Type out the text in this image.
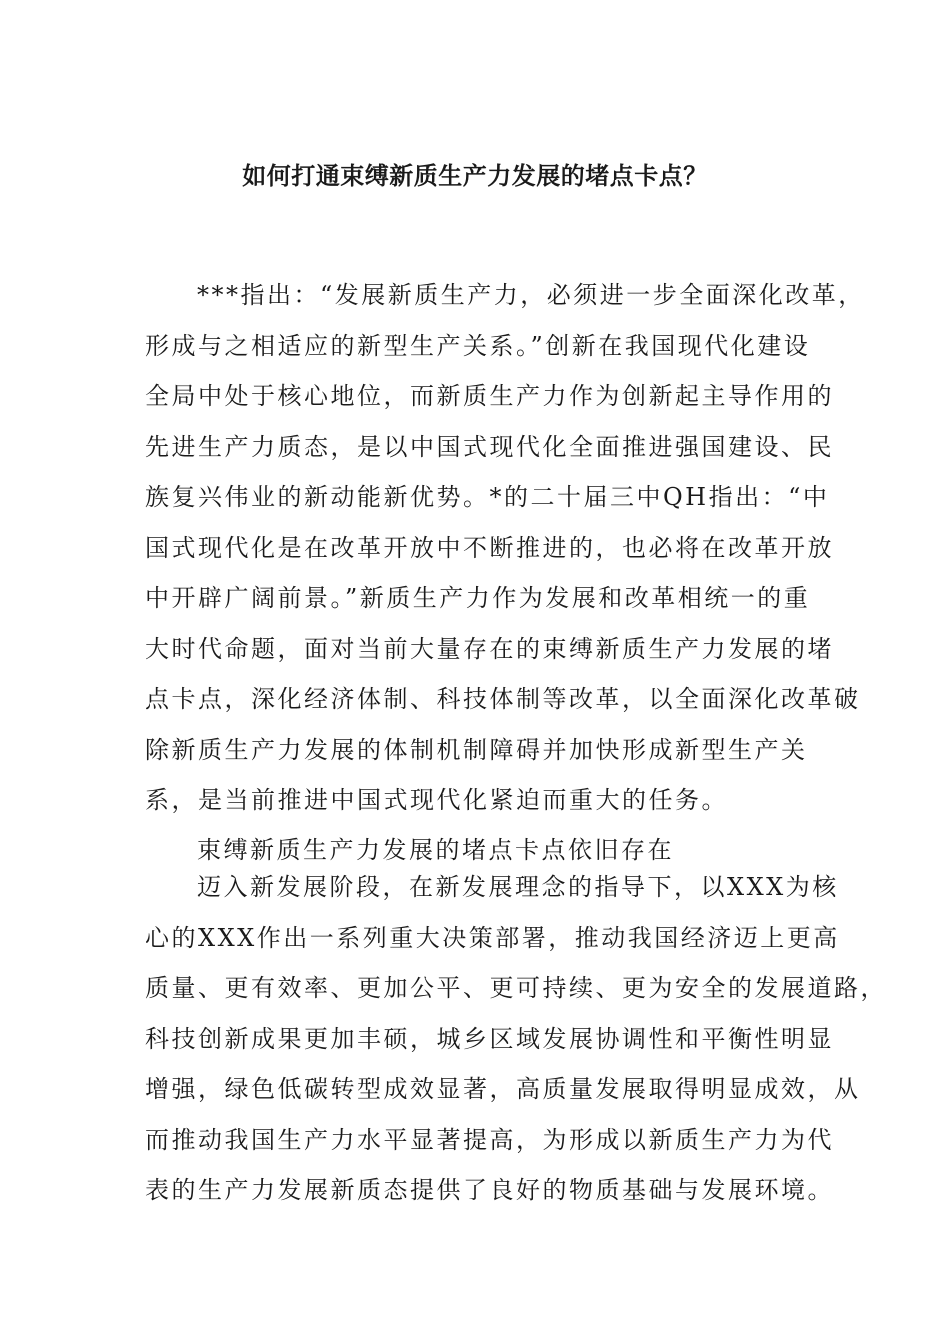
如何打通束缚新质生产力发展的堵点卡点？
***指出：“发展新质生产力，必须进一步全面深化改革，
形成与之相适应的新型生产关系。”创新在我国现代化建设
全局中处于核心地位，而新质生产力作为创新起主导作用的
先进生产力质态，是以中国式现代化全面推进强国建设、民
族复兴伟业的新动能新优势。*的二十届三中QH指出：“中
国式现代化是在改革开放中不断推进的，也必将在改革开放
中开辟广阔前景。”新质生产力作为发展和改革相统一的重
大时代命题，面对当前大量存在的束缚新质生产力发展的堵
点卡点，深化经济体制、科技体制等改革，以全面深化改革破
除新质生产力发展的体制机制障碍并加快形成新型生产关
系，是当前推进中国式现代化紧迫而重大的任务。
束缚新质生产力发展的堵点卡点依旧存在
迈入新发展阶段，在新发展理念的指导下，以XXX为核
心的XXX作出一系列重大决策部署，推动我国经济迈上更高
质量、更有效率、更加公平、更可持续、更为安全的发展道路，
科技创新成果更加丰硕，城乡区域发展协调性和平衡性明显
增强，绿色低碳转型成效显著，高质量发展取得明显成效，从
而推动我国生产力水平显著提高，为形成以新质生产力为代
表的生产力发展新质态提供了良好的物质基础与发展环境。
